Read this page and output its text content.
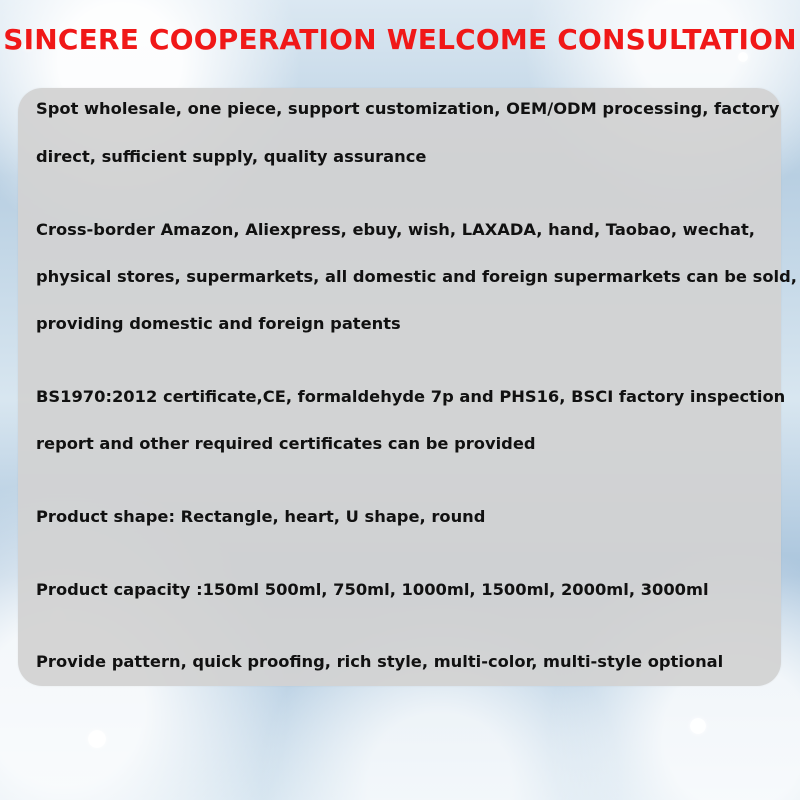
SINCERE COOPERATION WELCOME CONSULTATION

Spot wholesale, one piece, support customization, OEM/ODM processing, factory

direct, sufficient supply, quality assurance

Cross-border Amazon, Aliexpress, ebuy, wish, LAXADA, hand, Taobao, wechat,

physical stores, supermarkets, all domestic and foreign supermarkets can be sold,

providing domestic and foreign patents

BS1970:2012 certificate,CE, formaldehyde 7p and PHS16, BSCI factory inspection

report and other required certificates can be provided

Product shape: Rectangle, heart, U shape, round

Product capacity :150ml 500ml, 750ml, 1000ml, 1500ml, 2000ml, 3000ml

Provide pattern, quick proofing, rich style, multi-color, multi-style optional
